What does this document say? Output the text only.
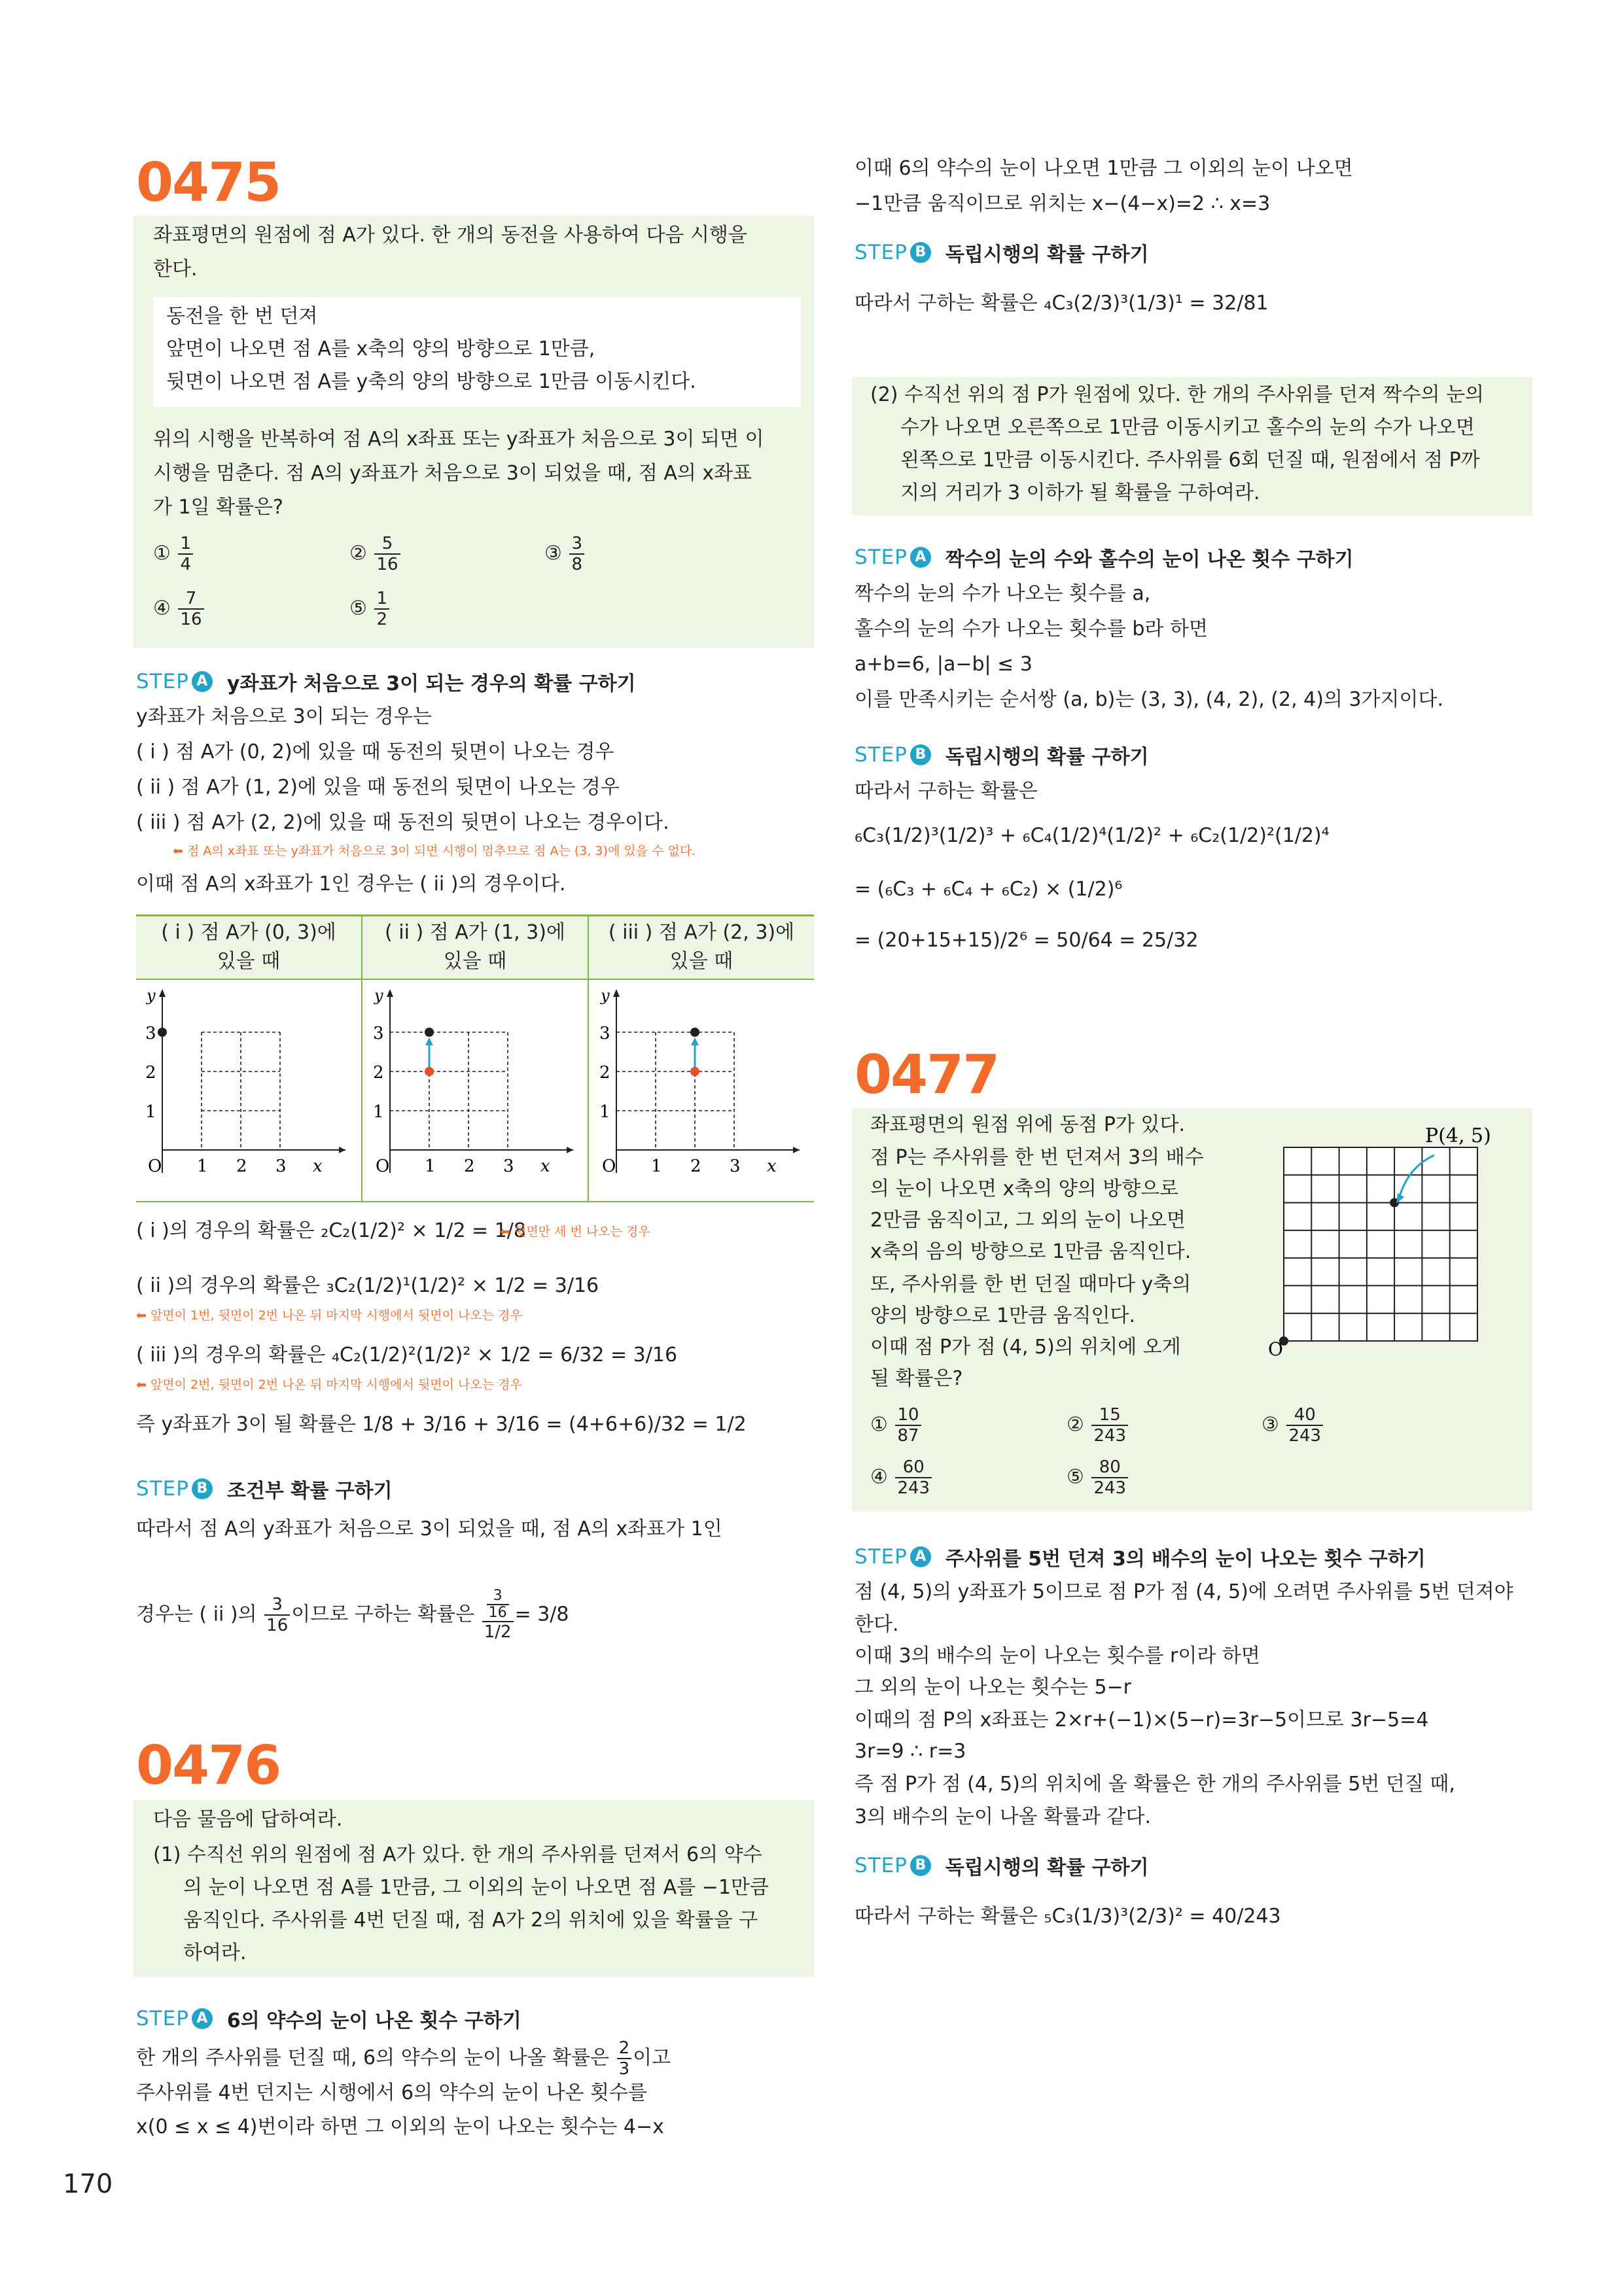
0475
좌표평면의 원점에 점 A가 있다. 한 개의 동전을 사용하여 다음 시행을
한다.
동전을 한 번 던져
앞면이 나오면 점 A를 x축의 양의 방향으로 1만큼,
뒷면이 나오면 점 A를 y축의 양의 방향으로 1만큼 이동시킨다.
위의 시행을 반복하여 점 A의 x좌표 또는 y좌표가 처음으로 3이 되면 이
시행을 멈춘다. 점 A의 y좌표가 처음으로 3이 되었을 때, 점 A의 x좌표
가 1일 확률은?
① $\frac{1}{4}$	② $\frac{5}{16}$	③ $\frac{3}{8}$
④ $\frac{7}{16}$	⑤ $\frac{1}{2}$
STEP A y좌표가 처음으로 3이 되는 경우의 확률 구하기
y좌표가 처음으로 3이 되는 경우는
( i ) 점 A가 (0, 2)에 있을 때 동전의 뒷면이 나오는 경우
( ii ) 점 A가 (1, 2)에 있을 때 동전의 뒷면이 나오는 경우
( iii ) 점 A가 (2, 2)에 있을 때 동전의 뒷면이 나오는 경우이다.
⬅ 점 A의 x좌표 또는 y좌표가 처음으로 3이 되면 시행이 멈추므로 점 A는 (3, 3)에 있을 수 없다.
이때 점 A의 x좌표가 1인 경우는 ( ii )의 경우이다.
( i ) 점 A가 (0, 3)에
있을 때
( ii ) 점 A가 (1, 3)에
있을 때
( iii ) 점 A가 (2, 3)에
있을 때
y
3
2
1
O 1 2 3 x
y
3
2
1
O 1 2 3 x
y
3
2
1
O 1 2 3 x
( i )의 경우의 확률은 ₂C₂(1/2)² × 1/2 = 1/8
⬅ 뒷면만 세 번 나오는 경우
( ii )의 경우의 확률은 ₃C₂(1/2)¹(1/2)² × 1/2 = 3/16
⬅ 앞면이 1번, 뒷면이 2번 나온 뒤 마지막 시행에서 뒷면이 나오는 경우
( iii )의 경우의 확률은 ₄C₂(1/2)²(1/2)² × 1/2 = 6/32 = 3/16
⬅ 앞면이 2번, 뒷면이 2번 나온 뒤 마지막 시행에서 뒷면이 나오는 경우
즉 y좌표가 3이 될 확률은 1/8 + 3/16 + 3/16 = (4+6+6)/32 = 1/2
STEP B 조건부 확률 구하기
따라서 점 A의 y좌표가 처음으로 3이 되었을 때, 점 A의 x좌표가 1인
경우는 ( ii )의 $\frac{3}{16}$ 이므로 구하는 확률은 $\frac{\frac{3}{16}}{1/2} = 3/8$
0476
다음 물음에 답하여라.
(1) 수직선 위의 원점에 점 A가 있다. 한 개의 주사위를 던져서 6의 약수
의 눈이 나오면 점 A를 1만큼, 그 이외의 눈이 나오면 점 A를 −1만큼
움직인다. 주사위를 4번 던질 때, 점 A가 2의 위치에 있을 확률을 구
하여라.
STEP A 6의 약수의 눈이 나온 횟수 구하기
한 개의 주사위를 던질 때, 6의 약수의 눈이 나올 확률은 $\frac{2}{3}$ 이고
주사위를 4번 던지는 시행에서 6의 약수의 눈이 나온 횟수를
x(0 ≤ x ≤ 4)번이라 하면 그 이외의 눈이 나오는 횟수는 4−x
170
이때 6의 약수의 눈이 나오면 1만큼 그 이외의 눈이 나오면
−1만큼 움직이므로 위치는 x−(4−x)=2 ∴ x=3
STEP B 독립시행의 확률 구하기
따라서 구하는 확률은 ₄C₃(2/3)³(1/3)¹ = 32/81
(2) 수직선 위의 점 P가 원점에 있다. 한 개의 주사위를 던져 짝수의 눈의
수가 나오면 오른쪽으로 1만큼 이동시키고 홀수의 눈의 수가 나오면
왼쪽으로 1만큼 이동시킨다. 주사위를 6회 던질 때, 원점에서 점 P까
지의 거리가 3 이하가 될 확률을 구하여라.
STEP A 짝수의 눈의 수와 홀수의 눈이 나온 횟수 구하기
짝수의 눈의 수가 나오는 횟수를 a,
홀수의 눈의 수가 나오는 횟수를 b라 하면
a+b=6, |a−b| ≤ 3
이를 만족시키는 순서쌍 (a, b)는 (3, 3), (4, 2), (2, 4)의 3가지이다.
STEP B 독립시행의 확률 구하기
따라서 구하는 확률은
₆C₃(1/2)³(1/2)³ + ₆C₄(1/2)⁴(1/2)² + ₆C₂(1/2)²(1/2)⁴
= (₆C₃ + ₆C₄ + ₆C₂) × (1/2)⁶
= (20+15+15)/2⁶ = 50/64 = 25/32
0477
좌표평면의 원점 위에 동점 P가 있다.
점 P는 주사위를 한 번 던져서 3의 배수
의 눈이 나오면 x축의 양의 방향으로
2만큼 움직이고, 그 외의 눈이 나오면
x축의 음의 방향으로 1만큼 움직인다.
또, 주사위를 한 번 던질 때마다 y축의
양의 방향으로 1만큼 움직인다.
이때 점 P가 점 (4, 5)의 위치에 오게
될 확률은?
P(4, 5)
O
① $\frac{10}{87}$	② $\frac{15}{243}$	③ $\frac{40}{243}$
④ $\frac{60}{243}$	⑤ $\frac{80}{243}$
STEP A 주사위를 5번 던져 3의 배수의 눈이 나오는 횟수 구하기
점 (4, 5)의 y좌표가 5이므로 점 P가 점 (4, 5)에 오려면 주사위를 5번 던져야
한다.
이때 3의 배수의 눈이 나오는 횟수를 r이라 하면
그 외의 눈이 나오는 횟수는 5−r
이때의 점 P의 x좌표는 2×r+(−1)×(5−r)=3r−5이므로 3r−5=4
3r=9 ∴ r=3
즉 점 P가 점 (4, 5)의 위치에 올 확률은 한 개의 주사위를 5번 던질 때,
3의 배수의 눈이 나올 확률과 같다.
STEP B 독립시행의 확률 구하기
따라서 구하는 확률은 ₅C₃(1/3)³(2/3)² = 40/243
